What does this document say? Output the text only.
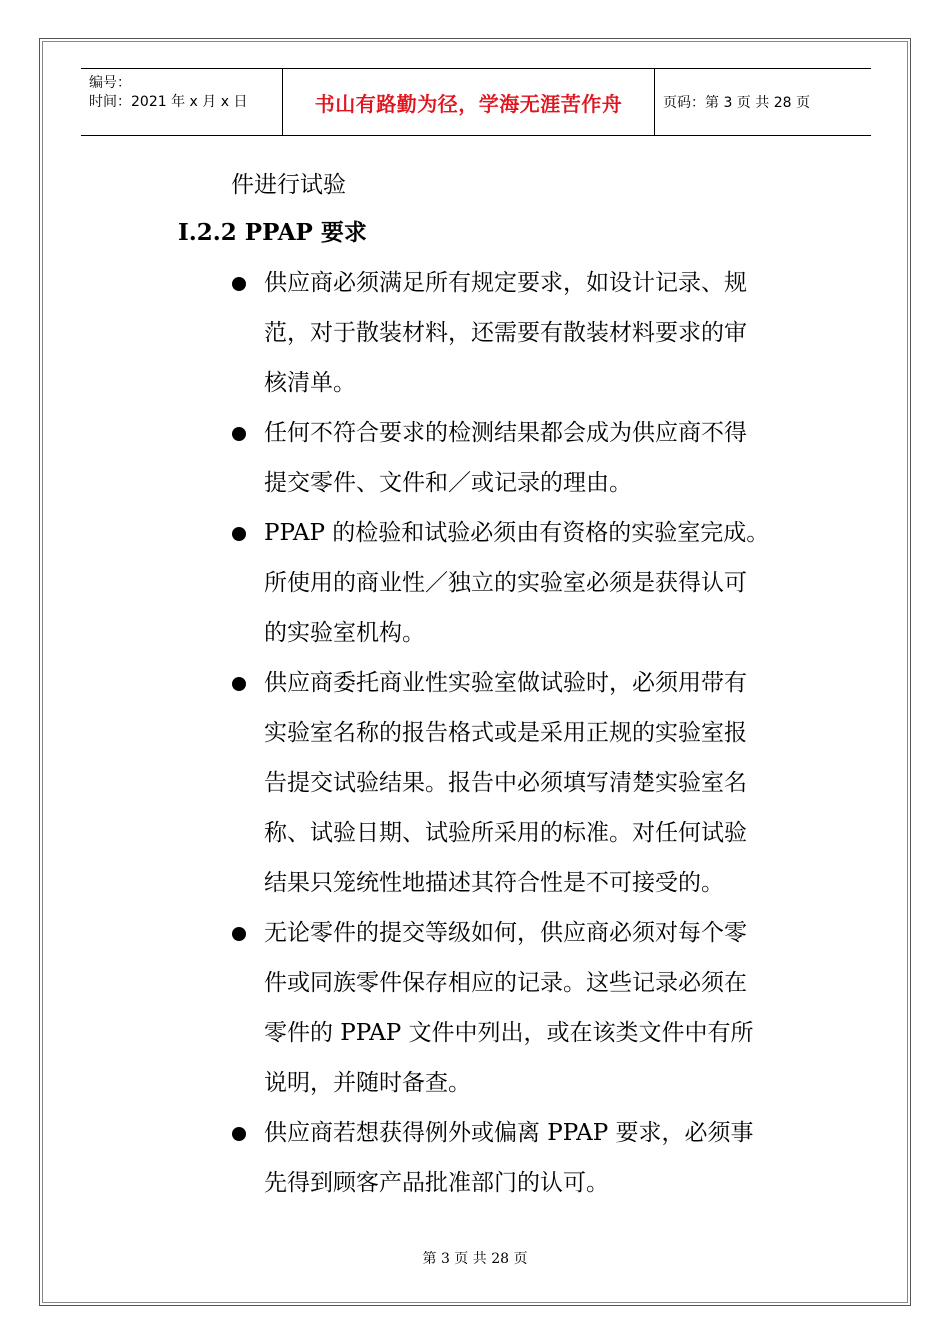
编号：
时间：2021 年 x 月 x 日	书山有路勤为径，学海无涯苦作舟	页码：第 3 页 共 28 页
件进行试验
I.2.2 PPAP 要求
供应商必须满足所有规定要求，如设计记录、规
范，对于散装材料，还需要有散装材料要求的审
核清单。
任何不符合要求的检测结果都会成为供应商不得
提交零件、文件和／或记录的理由。
PPAP 的检验和试验必须由有资格的实验室完成。
所使用的商业性／独立的实验室必须是获得认可
的实验室机构。
供应商委托商业性实验室做试验时，必须用带有
实验室名称的报告格式或是采用正规的实验室报
告提交试验结果。报告中必须填写清楚实验室名
称、试验日期、试验所采用的标准。对任何试验
结果只笼统性地描述其符合性是不可接受的。
无论零件的提交等级如何，供应商必须对每个零
件或同族零件保存相应的记录。这些记录必须在
零件的 PPAP 文件中列出，或在该类文件中有所
说明，并随时备查。
供应商若想获得例外或偏离 PPAP 要求，必须事
先得到顾客产品批准部门的认可。
第 3 页 共 28 页
